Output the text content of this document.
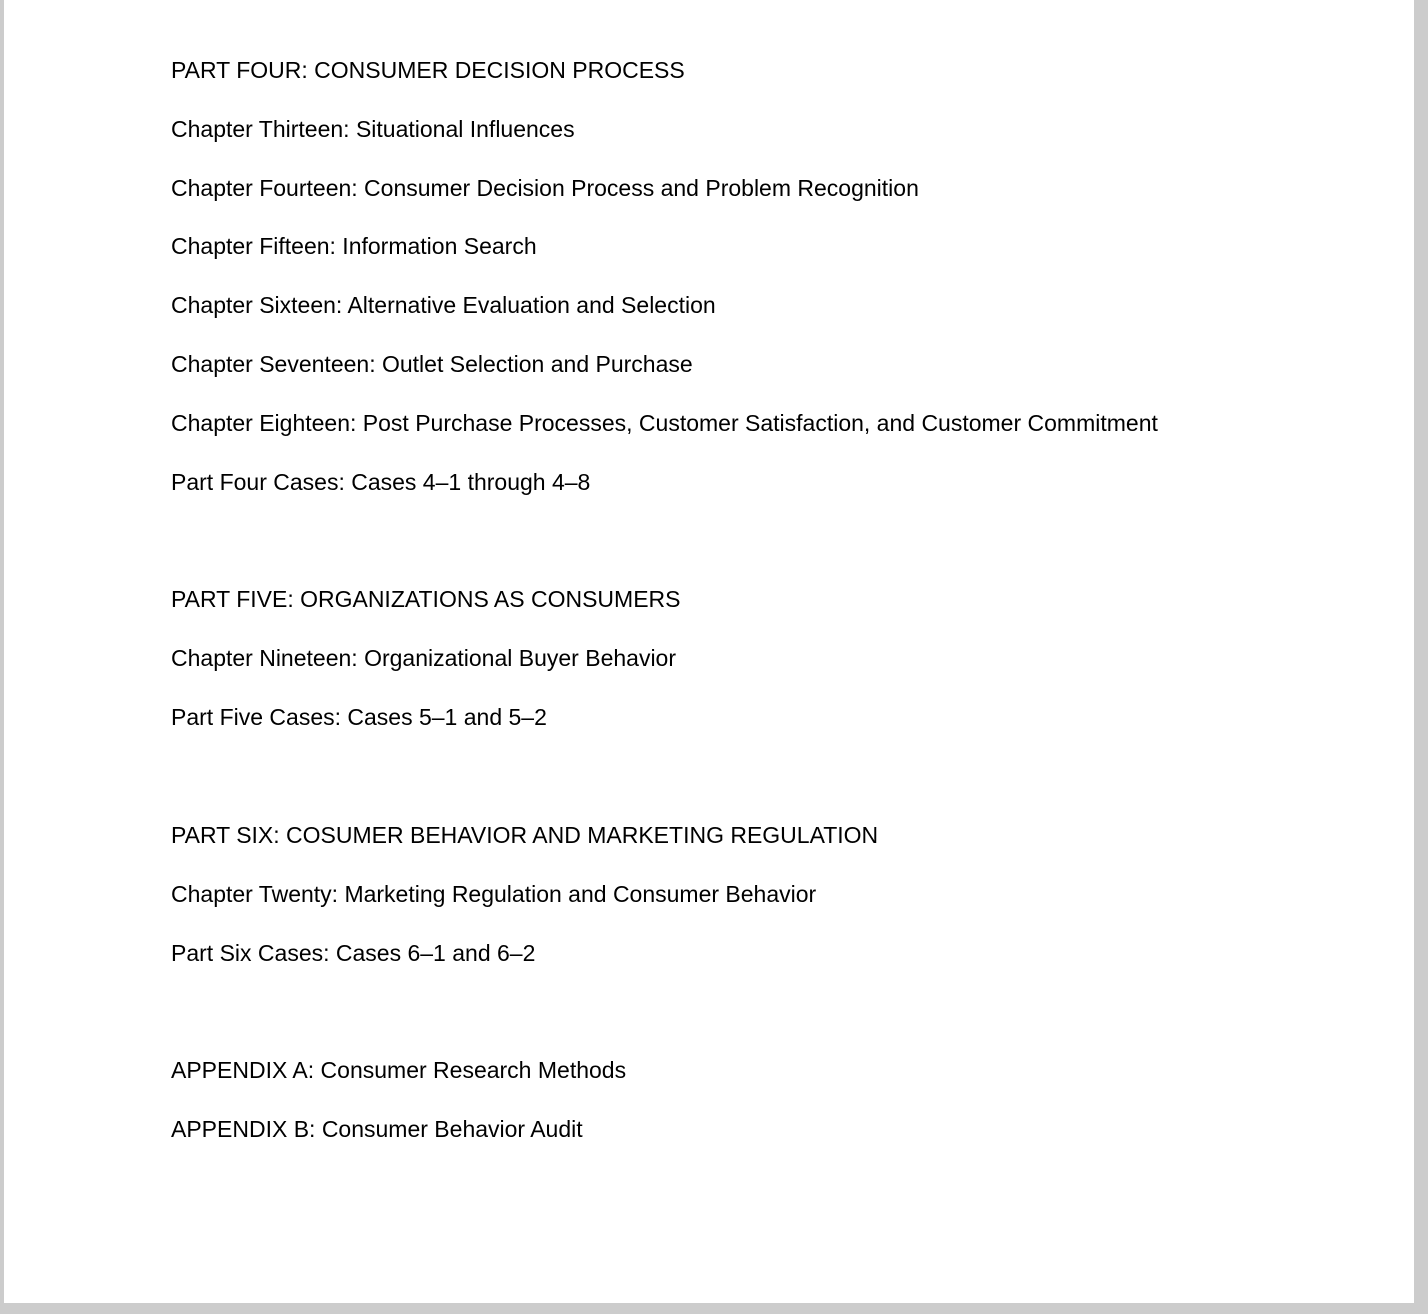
PART FOUR: CONSUMER DECISION PROCESS
Chapter Thirteen: Situational Influences
Chapter Fourteen: Consumer Decision Process and Problem Recognition
Chapter Fifteen: Information Search
Chapter Sixteen: Alternative Evaluation and Selection
Chapter Seventeen: Outlet Selection and Purchase
Chapter Eighteen: Post Purchase Processes, Customer Satisfaction, and Customer Commitment
Part Four Cases: Cases 4–1 through 4–8
PART FIVE: ORGANIZATIONS AS CONSUMERS
Chapter Nineteen: Organizational Buyer Behavior
Part Five Cases: Cases 5–1 and 5–2
PART SIX: COSUMER BEHAVIOR AND MARKETING REGULATION
Chapter Twenty: Marketing Regulation and Consumer Behavior
Part Six Cases: Cases 6–1 and 6–2
APPENDIX A: Consumer Research Methods
APPENDIX B: Consumer Behavior Audit
